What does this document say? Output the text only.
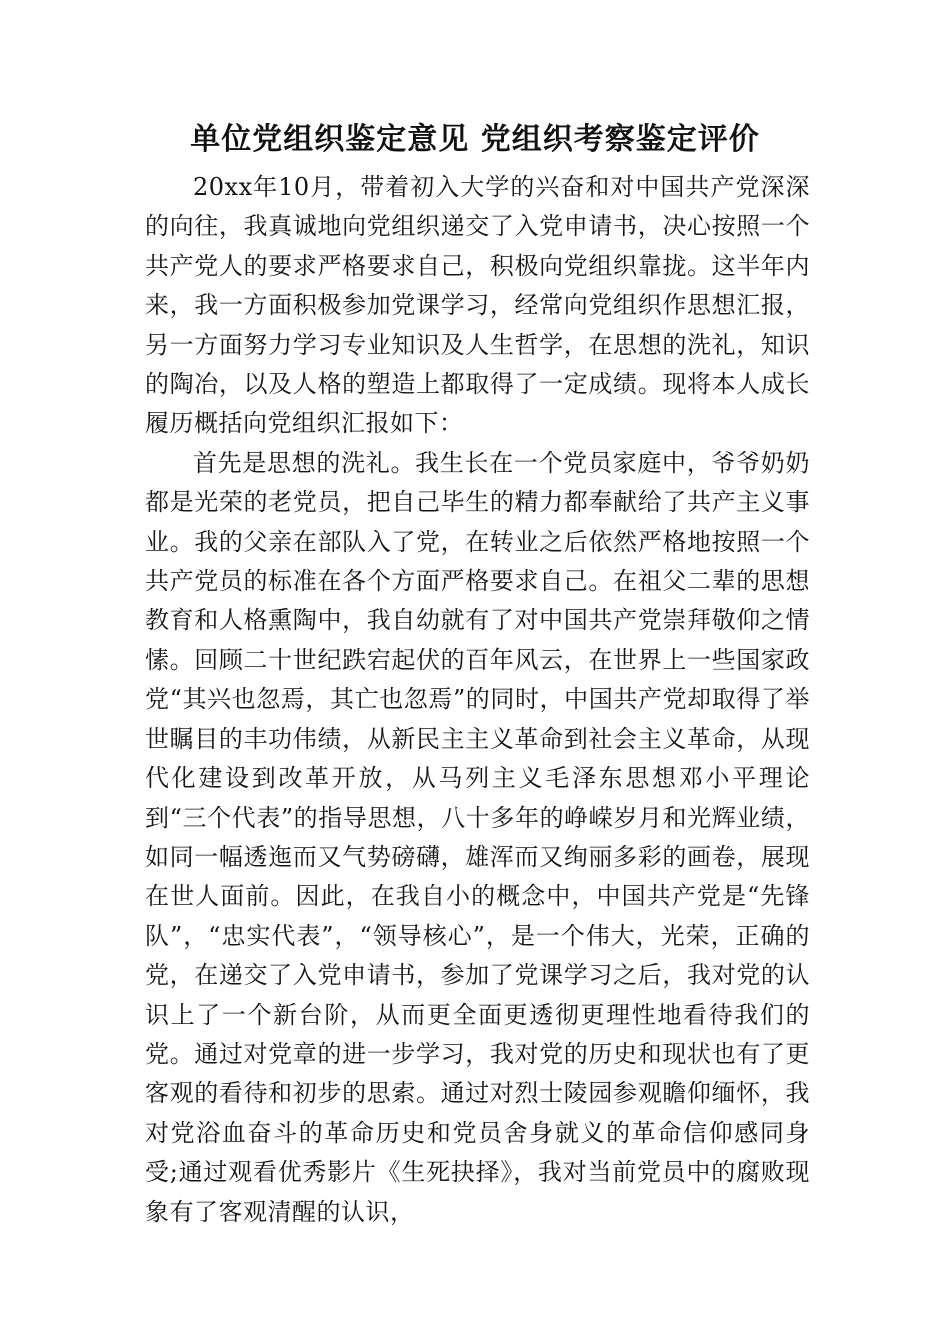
单位党组织鉴定意见 党组织考察鉴定评价

20xx年10月，带着初入大学的兴奋和对中国共产党深深的向往，我真诚地向党组织递交了入党申请书，决心按照一个共产党人的要求严格要求自己，积极向党组织靠拢。这半年内来，我一方面积极参加党课学习，经常向党组织作思想汇报，另一方面努力学习专业知识及人生哲学，在思想的洗礼，知识的陶冶，以及人格的塑造上都取得了一定成绩。现将本人成长履历概括向党组织汇报如下：

首先是思想的洗礼。我生长在一个党员家庭中，爷爷奶奶都是光荣的老党员，把自己毕生的精力都奉献给了共产主义事业。我的父亲在部队入了党，在转业之后依然严格地按照一个共产党员的标准在各个方面严格要求自己。在祖父二辈的思想教育和人格熏陶中，我自幼就有了对中国共产党崇拜敬仰之情愫。回顾二十世纪跌宕起伏的百年风云，在世界上一些国家政党“其兴也忽焉，其亡也忽焉”的同时，中国共产党却取得了举世瞩目的丰功伟绩，从新民主主义革命到社会主义革命，从现代化建设到改革开放，从马列主义毛泽东思想邓小平理论到“三个代表”的指导思想，八十多年的峥嵘岁月和光辉业绩，如同一幅透迤而又气势磅礴，雄浑而又绚丽多彩的画卷，展现在世人面前。因此，在我自小的概念中，中国共产党是“先锋队”，“忠实代表”，“领导核心”，是一个伟大，光荣，正确的党，在递交了入党申请书，参加了党课学习之后，我对党的认识上了一个新台阶，从而更全面更透彻更理性地看待我们的党。通过对党章的进一步学习，我对党的历史和现状也有了更客观的看待和初步的思索。通过对烈士陵园参观瞻仰缅怀，我对党浴血奋斗的革命历史和党员舍身就义的革命信仰感同身受;通过观看优秀影片《生死抉择》，我对当前党员中的腐败现象有了客观清醒的认识，
